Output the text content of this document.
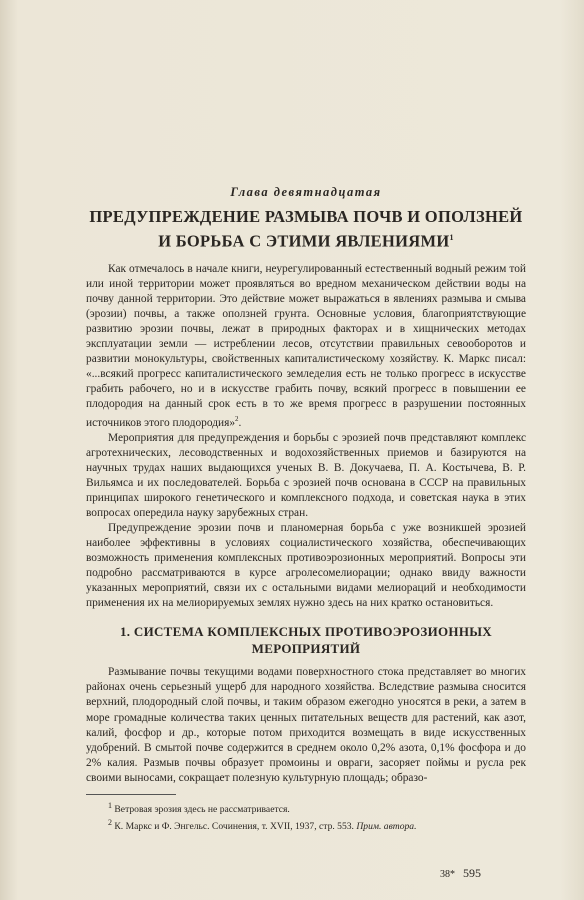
Глава девятнадцатая
ПРЕДУПРЕЖДЕНИЕ РАЗМЫВА ПОЧВ И ОПОЛЗНЕЙ
И БОРЬБА С ЭТИМИ ЯВЛЕНИЯМИ$^1$

Как отмечалось в начале книги, неурегулированный естественный водный режим той или иной территории может проявляться во вредном механическом действии воды на почву данной территории. Это действие может выражаться в явлениях размыва и смыва (эрозии) почвы, а также оползней грунта. Основные условия, благоприятствующие развитию эрозии почвы, лежат в природных факторах и в хищнических методах эксплуатации земли — истреблении лесов, отсутствии правильных севооборотов и развитии монокультуры, свойственных капиталистическому хозяйству. К. Маркс писал: «...всякий прогресс капиталистического земледелия есть не только прогресс в искусстве грабить рабочего, но и в искусстве грабить почву, всякий прогресс в повышении ее плодородия на данный срок есть в то же время прогресс в разрушении постоянных источников этого плодородия»$^2$.

Мероприятия для предупреждения и борьбы с эрозией почв представляют комплекс агротехнических, лесоводственных и водохозяйственных приемов и базируются на научных трудах наших выдающихся ученых В. В. Докучаева, П. А. Костычева, В. Р. Вильямса и их последователей. Борьба с эрозией почв основана в СССР на правильных принципах широкого генетического и комплексного подхода, и советская наука в этих вопросах опередила науку зарубежных стран.

Предупреждение эрозии почв и планомерная борьба с уже возникшей эрозией наиболее эффективны в условиях социалистического хозяйства, обеспечивающих возможность применения комплексных противоэрозионных мероприятий. Вопросы эти подробно рассматриваются в курсе агролесомелиорации; однако ввиду важности указанных мероприятий, связи их с остальными видами мелиораций и необходимости применения их на мелиорируемых землях нужно здесь на них кратко остановиться.

1. СИСТЕМА КОМПЛЕКСНЫХ ПРОТИВОЭРОЗИОННЫХ
МЕРОПРИЯТИЙ

Размывание почвы текущими водами поверхностного стока представляет во многих районах очень серьезный ущерб для народного хозяйства. Вследствие размыва сносится верхний, плодородный слой почвы, и таким образом ежегодно уносятся в реки, а затем в море громадные количества таких ценных питательных веществ для растений, как азот, калий, фосфор и др., которые потом приходится возмещать в виде искусственных удобрений. В смытой почве содержится в среднем около 0,2% азота, 0,1% фосфора и до 2% калия. Размыв почвы образует промоины и овраги, засоряет поймы и русла рек своими выносами, сокращает полезную культурную площадь; образо-

$^1$ Ветровая эрозия здесь не рассматривается.

$^2$ К. Маркс и Ф. Энгельс. Сочинения, т. XVII, 1937, стр. 553. Прим. автора.

38* 595
